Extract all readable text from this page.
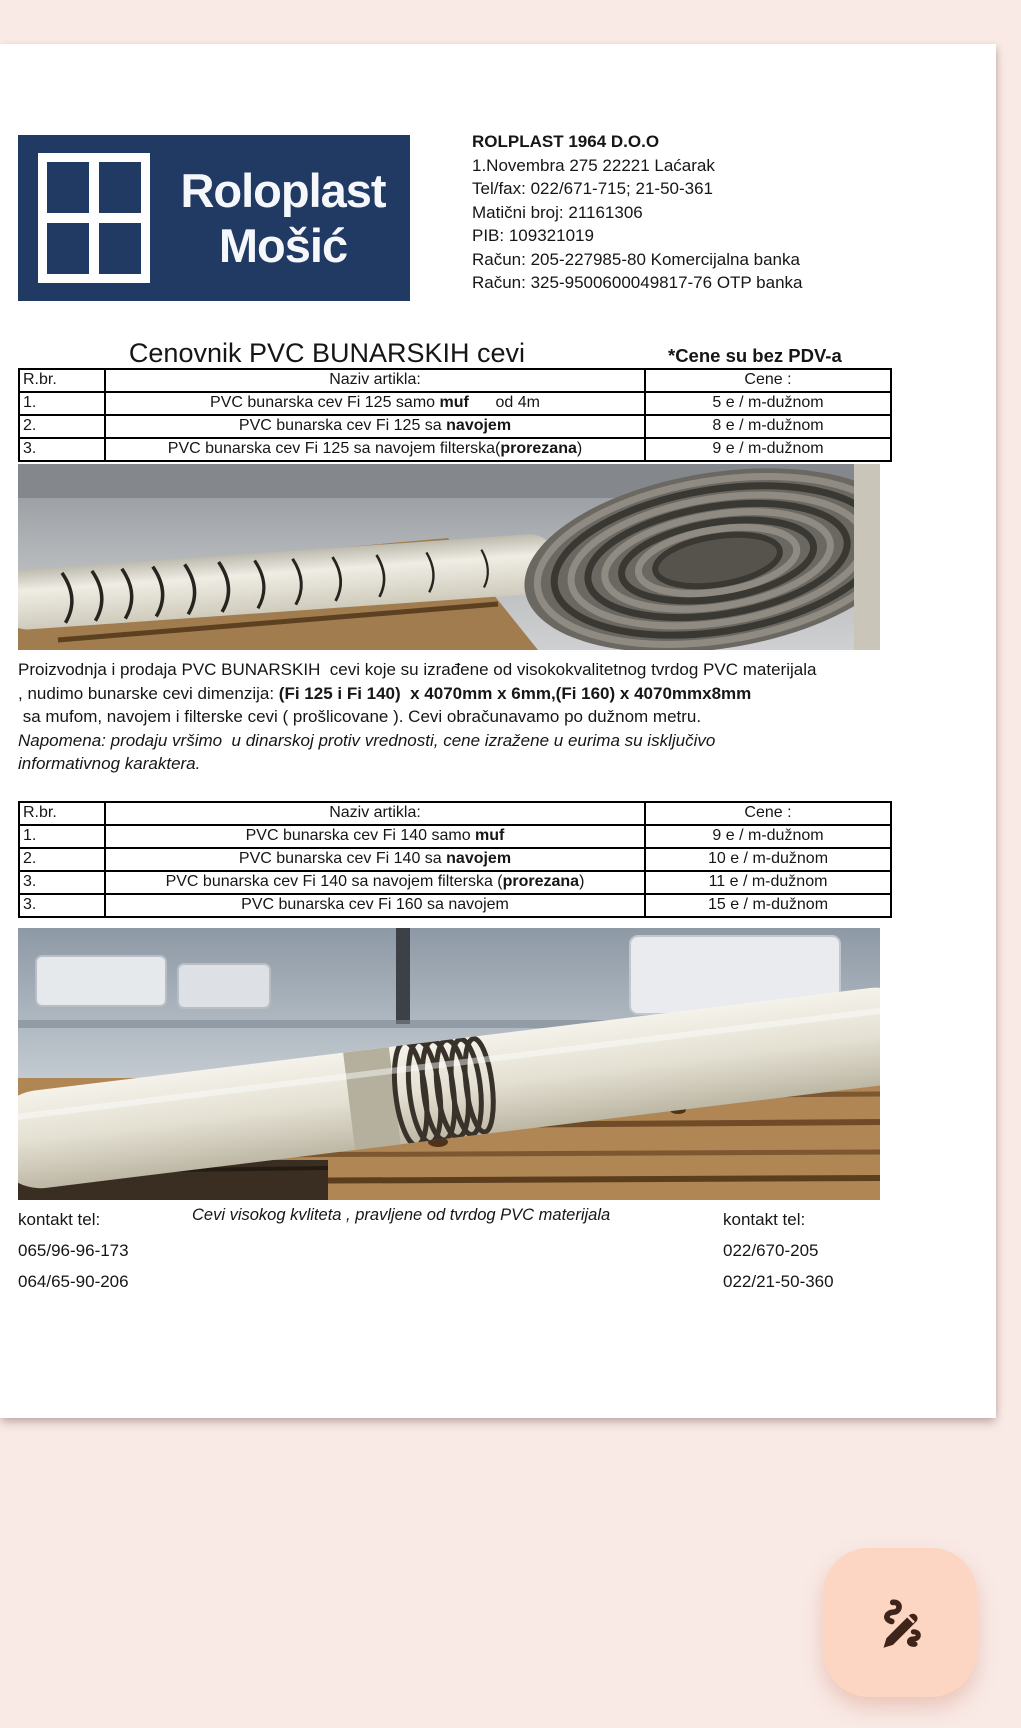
Roloplast
Mošić
ROLPLAST 1964 D.O.O
1.Novembra 275 22221 Laćarak
Tel/fax: 022/671-715; 21-50-361
Matični broj: 21161306
PIB: 109321019
Račun: 205-227985-80 Komercijalna banka
Račun: 325-9500600049817-76 OTP banka
Cenovnik PVC BUNARSKIH cevi	*Cene su bez PDV-a
R.br.	Naziv artikla:	Cene :
1.	PVC bunarska cev Fi 125 samo muf      od 4m	5 e / m-dužnom
2.	PVC bunarska cev Fi 125 sa navojem	8 e / m-dužnom
3.	PVC bunarska cev Fi 125 sa navojem filterska(prorezana)	9 e / m-dužnom
Proizvodnja i prodaja PVC BUNARSKIH  cevi koje su izrađene od visokokvalitetnog tvrdog PVC materijala
, nudimo bunarske cevi dimenzija: (Fi 125 i Fi 140)  x 4070mm x 6mm,(Fi 160) x 4070mmx8mm
sa mufom, navojem i filterske cevi ( prošlicovane ). Cevi obračunavamo po dužnom metru.
Napomena: prodaju vršimo  u dinarskoj protiv vrednosti, cene izražene u eurima su isključivo
informativnog karaktera.
R.br.	Naziv artikla:	Cene :
1.	PVC bunarska cev Fi 140 samo muf	9 e / m-dužnom
2.	PVC bunarska cev Fi 140 sa navojem	10 e / m-dužnom
3.	PVC bunarska cev Fi 140 sa navojem filterska (prorezana)	11 e / m-dužnom
3.	PVC bunarska cev Fi 160 sa navojem	15 e / m-dužnom
kontakt tel:
065/96-96-173
064/65-90-206
Cevi visokog kvliteta , pravljene od tvrdog PVC materijala	kontakt tel:
022/670-205
022/21-50-360
